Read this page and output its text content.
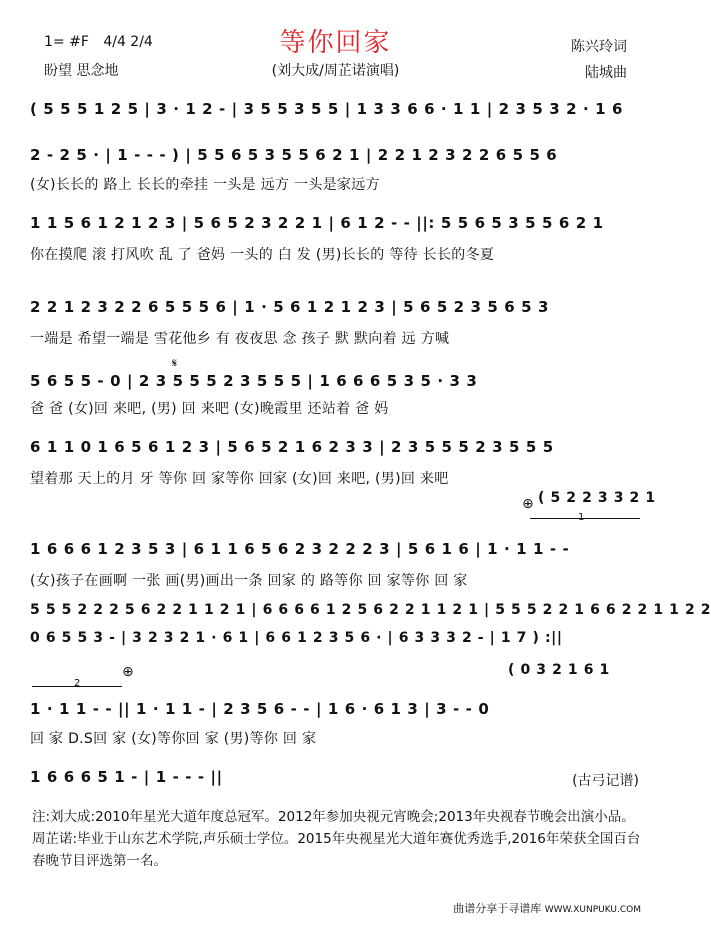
等你回家
1= #F 4/4 2/4
盼望 思念地	(刘大成/周芷诺演唱)
陈兴玲词
陆城曲
( 5 5 5 1 2 5 | 3 · 1 2 - | 3 5 5 3 5 5 | 1 3 3 6 6 · 1 1 | 2 3 5 3 2 · 1 6
2 - 2 5 · | 1 - - - ) | 5 5 6 5 3 5 5 6 2 1 | 2 2 1 2 3 2 2 6 5 5 6
(女)长长的 路上 长长的牵挂 一头是 远方 一头是家远方
1 1 5 6 1 2 1 2 3 | 5 6 5 2 3 2 2 1 | 6 1 2 - - ||: 5 5 6 5 3 5 5 6 2 1
你在摸爬 滚 打风吹 乱 了 爸妈 一头的 白 发 (男)长长的 等待 长长的冬夏
2 2 1 2 3 2 2 6 5 5 5 6 | 1 · 5 6 1 2 1 2 3 | 5 6 5 2 3 5 6 5 3
一端是 希望一端是 雪花他乡 有 夜夜思 念 孩子 默 默向着 远 方喊
𝄋
5 6 5 5 - 0 | 2 3 5 5 5 2 3 5 5 5 | 1 6 6 6 5 3 5 · 3 3
爸 爸 (女)回 来吧, (男) 回 来吧 (女)晚霞里 还站着 爸 妈
6 1 1 0 1 6 5 6 1 2 3 | 5 6 5 2 1 6 2 3 3 | 2 3 5 5 5 2 3 5 5 5
望着那 天上的月 牙 等你 回 家等你 回家 (女)回 来吧, (男)回 来吧
⊕ ( 5 2 2 3 3 2 1
1
1 6 6 6 1 2 3 5 3 | 6 1 1 6 5 6 2 3 2 2 2 3 | 5 6 1 6 | 1 · 1 1 - -
(女)孩子在画啊 一张 画(男)画出一条 回家 的 路等你 回 家等你 回 家
5 5 5 2 2 2 5 6 2 2 1 1 2 1 | 6 6 6 6 1 2 5 6 2 2 1 1 2 1 | 5 5 5 2 2 1 6 6 2 2 1 1 2 2
0 6 5 5 3 - | 3 2 3 2 1 · 6 1 | 6 6 1 2 3 5 6 · | 6 3 3 3 2 - | 1 7 ) :||
( 0 3 2 1 6 1
2
⊕
1 · 1 1 - - || 1 · 1 1 - | 2 3 5 6 - - | 1 6 · 6 1 3 | 3 - - 0
回 家 D.S回 家 (女)等你回 家 (男)等你 回 家
1 6 6 6 5 1 - | 1 - - - ||	(古弓记谱)

注:刘大成:2010年星光大道年度总冠军。2012年参加央视元宵晚会;2013年央视春节晚会出演小品。

周芷诺:毕业于山东艺术学院,声乐硕士学位。2015年央视星光大道年赛优秀选手,2016年荣获全国百台春晚节目评选第一名。

曲谱分享于寻谱库 WWW.XUNPUKU.COM
